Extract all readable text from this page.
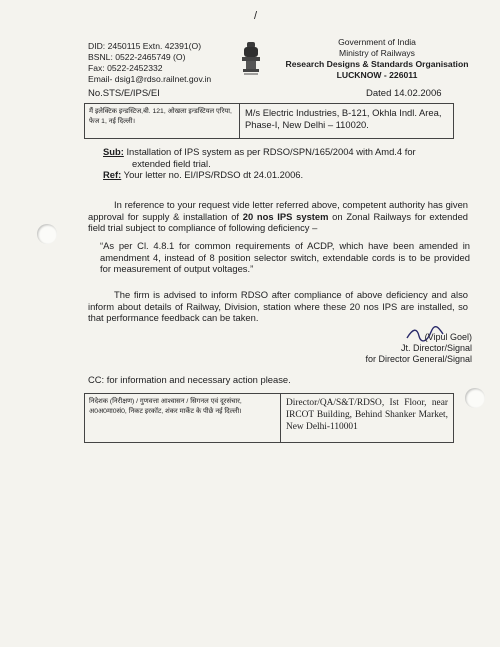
/
DID: 2450115 Extn. 42391(O)
BSNL: 0522-2465749 (O)
Fax: 0522-2452332
Email- dsig1@rdso.railnet.gov.in
Government of India
Ministry of Railways
Research Designs & Standards Organisation
LUCKNOW - 226011
No.STS/E/IPS/EI	Dated 14.02.2006
मैं इलेक्टिक इन्डस्टिज,बी. 121, ओखला इन्डस्टियल एरिया, फेज 1, नई दिल्ली।
M/s Electric Industries, B-121, Okhla Indl. Area, Phase-I, New Delhi – 110020.
Sub: Installation of IPS system as per RDSO/SPN/165/2004 with Amd.4 for
extended field trial.
Ref: Your letter no. EI/IPS/RDSO dt 24.01.2006.
In reference to your request vide letter referred above, competent authority has given approval for supply & installation of 20 nos IPS system on Zonal Railways for extended field trial subject to compliance of following deficiency –
“As per Cl. 4.8.1 for common requirements of ACDP, which have been amended in amendment 4, instead of 8 position selector switch, extendable cords is to be provided for measurement of output voltages.”
The firm is advised to inform RDSO after compliance of above deficiency and also inform about details of Railway, Division, station where these 20 nos IPS are installed, so that performance feedback can be taken.
(Vipul Goel)
Jt. Director/Signal
for Director General/Signal
CC: for information and necessary action please.
निदेशक (निरीक्षण) / गुणवत्ता आश्वासन / सिगनल एवं दूरसंचार, अ0अ0मा0सं0, निकट इरकॉट, शंकर मार्केट के पीछे नई दिल्ली।
Director/QA/S&T/RDSO, Ist Floor, near IRCOT Building, Behind Shanker Market, New Delhi-110001
